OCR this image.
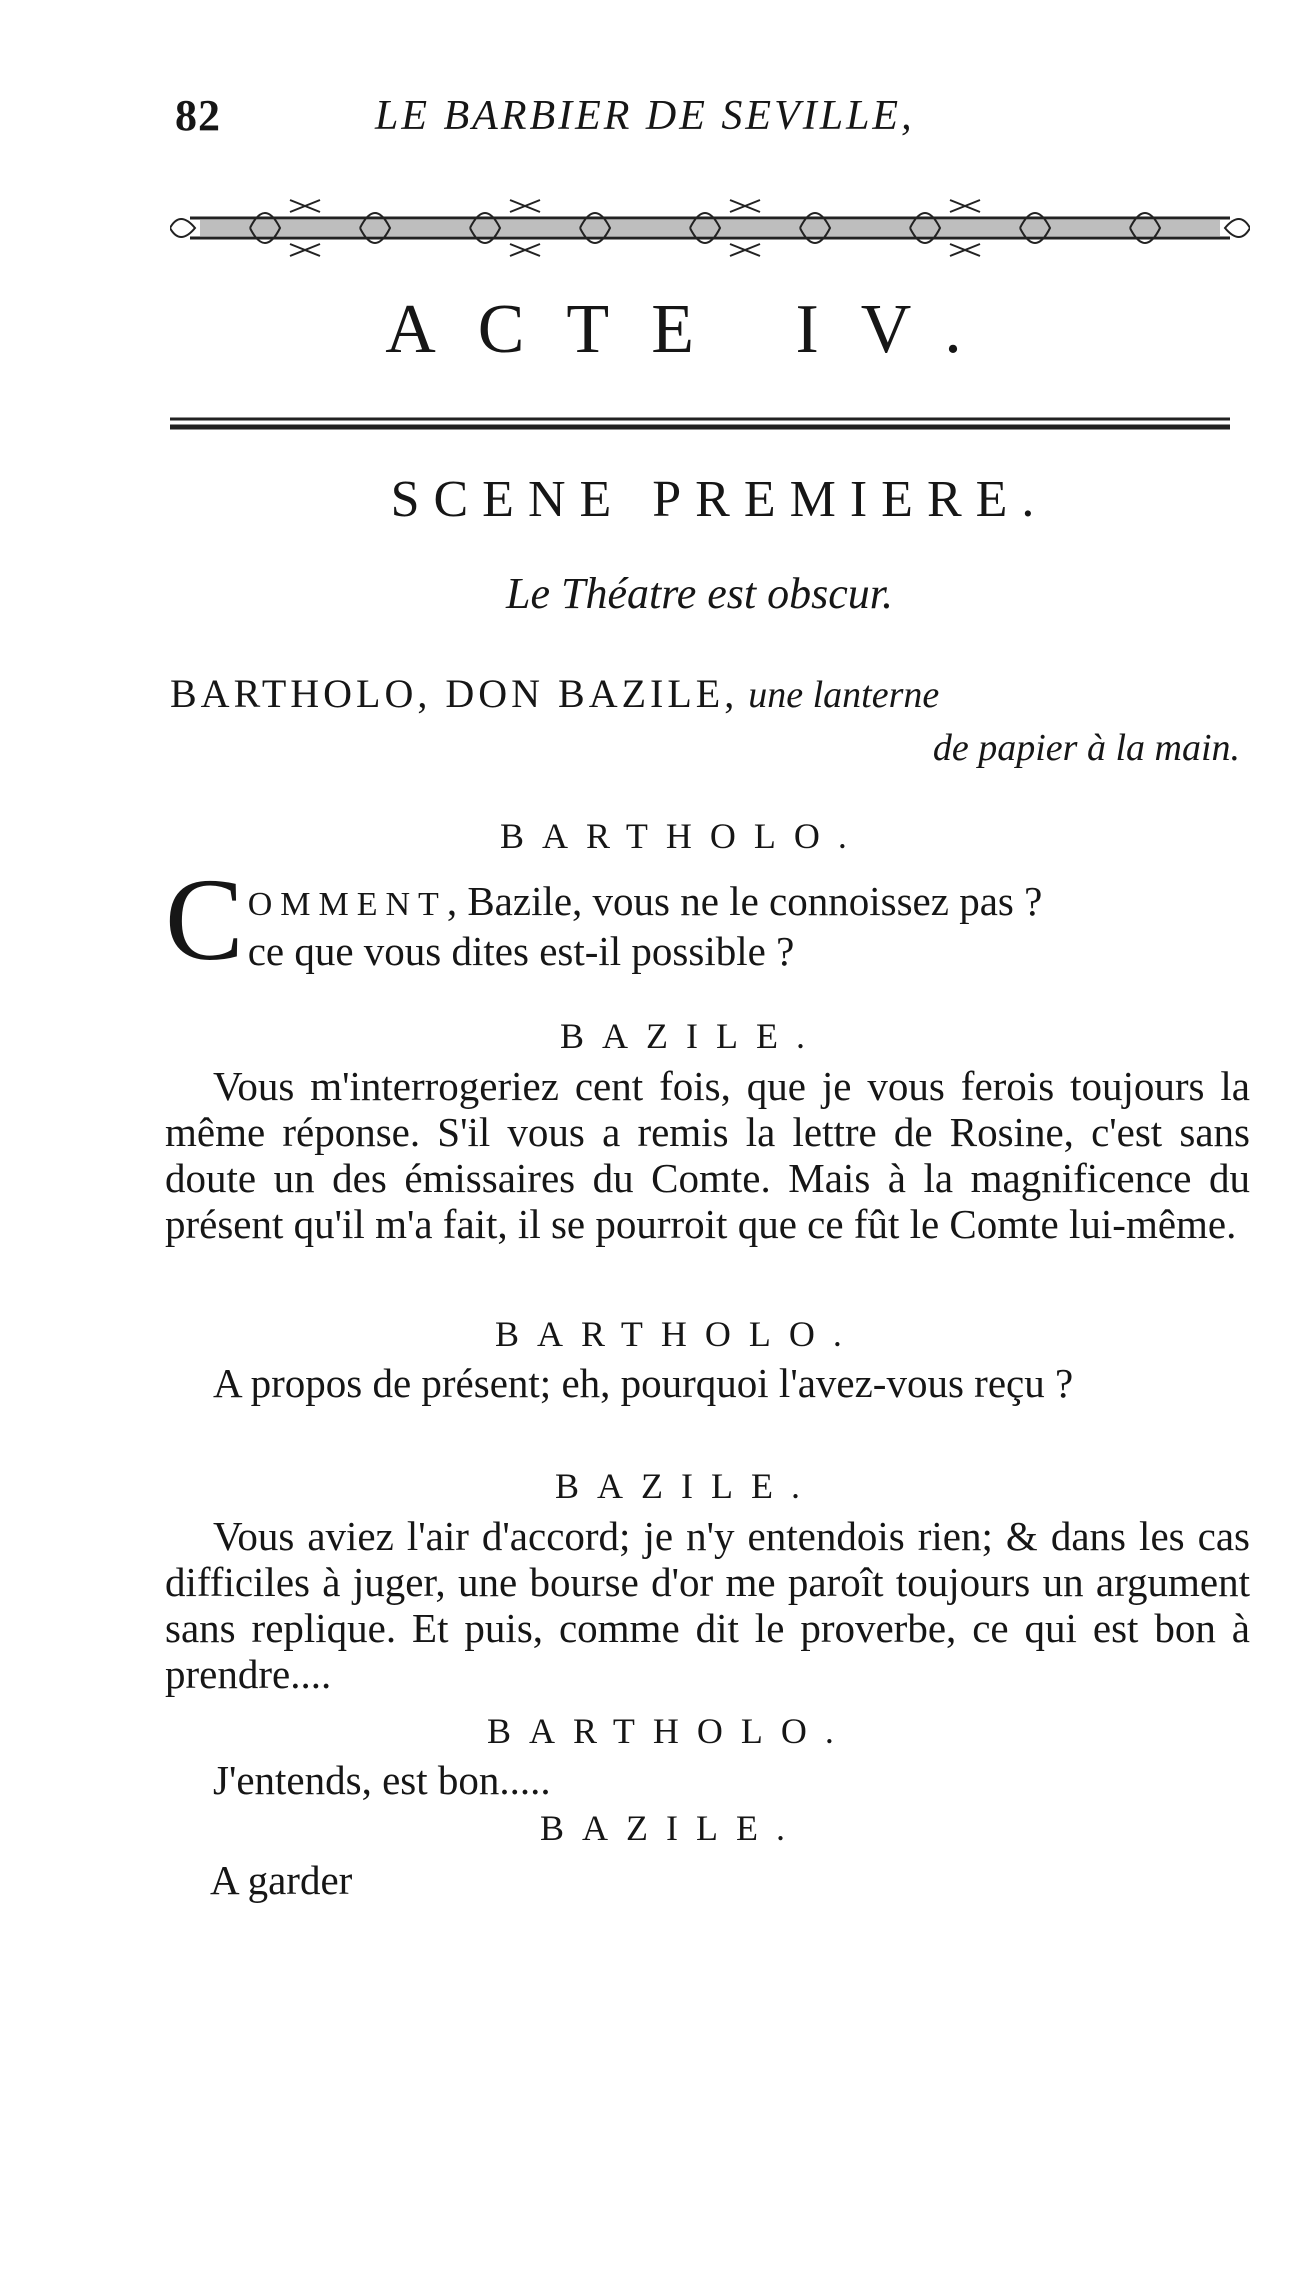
82	LE BARBIER DE SEVILLE,
ACTE IV.
SCENE PREMIERE.
Le Théatre est obscur.
BARTHOLO, DON BAZILE, une lanterne
de papier à la main.
BARTHOLO.
C OMMENT, Bazile, vous ne le connoissez pas ?
ce que vous dites est-il possible ?
BAZILE.

Vous m'interrogeriez cent fois, que je vous ferois toujours la même réponse. S'il vous a remis la lettre de Rosine, c'est sans doute un des émissaires du Comte. Mais à la magnificence du présent qu'il m'a fait, il se pourroit que ce fût le Comte lui-même.

BARTHOLO.

A propos de présent; eh, pourquoi l'avez-vous reçu ?

BAZILE.

Vous aviez l'air d'accord; je n'y entendois rien; & dans les cas difficiles à juger, une bourse d'or me paroît toujours un argument sans replique. Et puis, comme dit le proverbe, ce qui est bon à prendre....

BARTHOLO.

J'entends, est bon.....

BAZILE.
A garder
